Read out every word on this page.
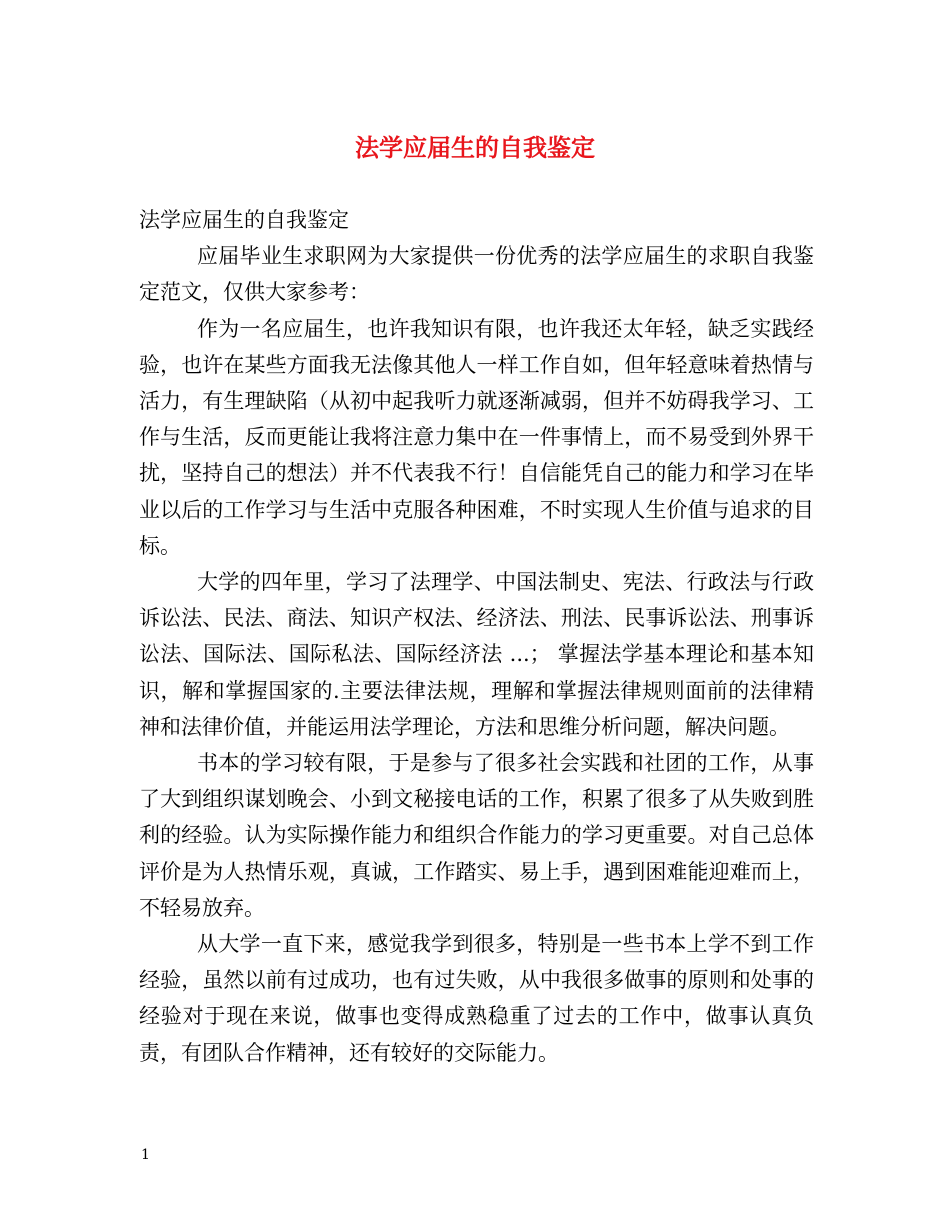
法学应届生的自我鉴定

法学应届生的自我鉴定

应届毕业生求职网为大家提供一份优秀的法学应届生的求职自我鉴定范文，仅供大家参考：

作为一名应届生，也许我知识有限，也许我还太年轻，缺乏实践经验，也许在某些方面我无法像其他人一样工作自如，但年轻意味着热情与活力，有生理缺陷（从初中起我听力就逐渐减弱，但并不妨碍我学习、工作与生活，反而更能让我将注意力集中在一件事情上，而不易受到外界干扰，坚持自己的想法）并不代表我不行！自信能凭自己的能力和学习在毕业以后的工作学习与生活中克服各种困难，不时实现人生价值与追求的目标。

大学的四年里，学习了法理学、中国法制史、宪法、行政法与行政诉讼法、民法、商法、知识产权法、经济法、刑法、民事诉讼法、刑事诉讼法、国际法、国际私法、国际经济法 ...； 掌握法学基本理论和基本知识，解和掌握国家的.主要法律法规，理解和掌握法律规则面前的法律精神和法律价值，并能运用法学理论，方法和思维分析问题，解决问题。

书本的学习较有限，于是参与了很多社会实践和社团的工作，从事了大到组织谋划晚会、小到文秘接电话的工作，积累了很多了从失败到胜利的经验。认为实际操作能力和组织合作能力的学习更重要。对自己总体评价是为人热情乐观，真诚，工作踏实、易上手，遇到困难能迎难而上，不轻易放弃。

从大学一直下来，感觉我学到很多，特别是一些书本上学不到工作经验，虽然以前有过成功，也有过失败，从中我很多做事的原则和处事的经验对于现在来说，做事也变得成熟稳重了过去的工作中，做事认真负责，有团队合作精神，还有较好的交际能力。

1
